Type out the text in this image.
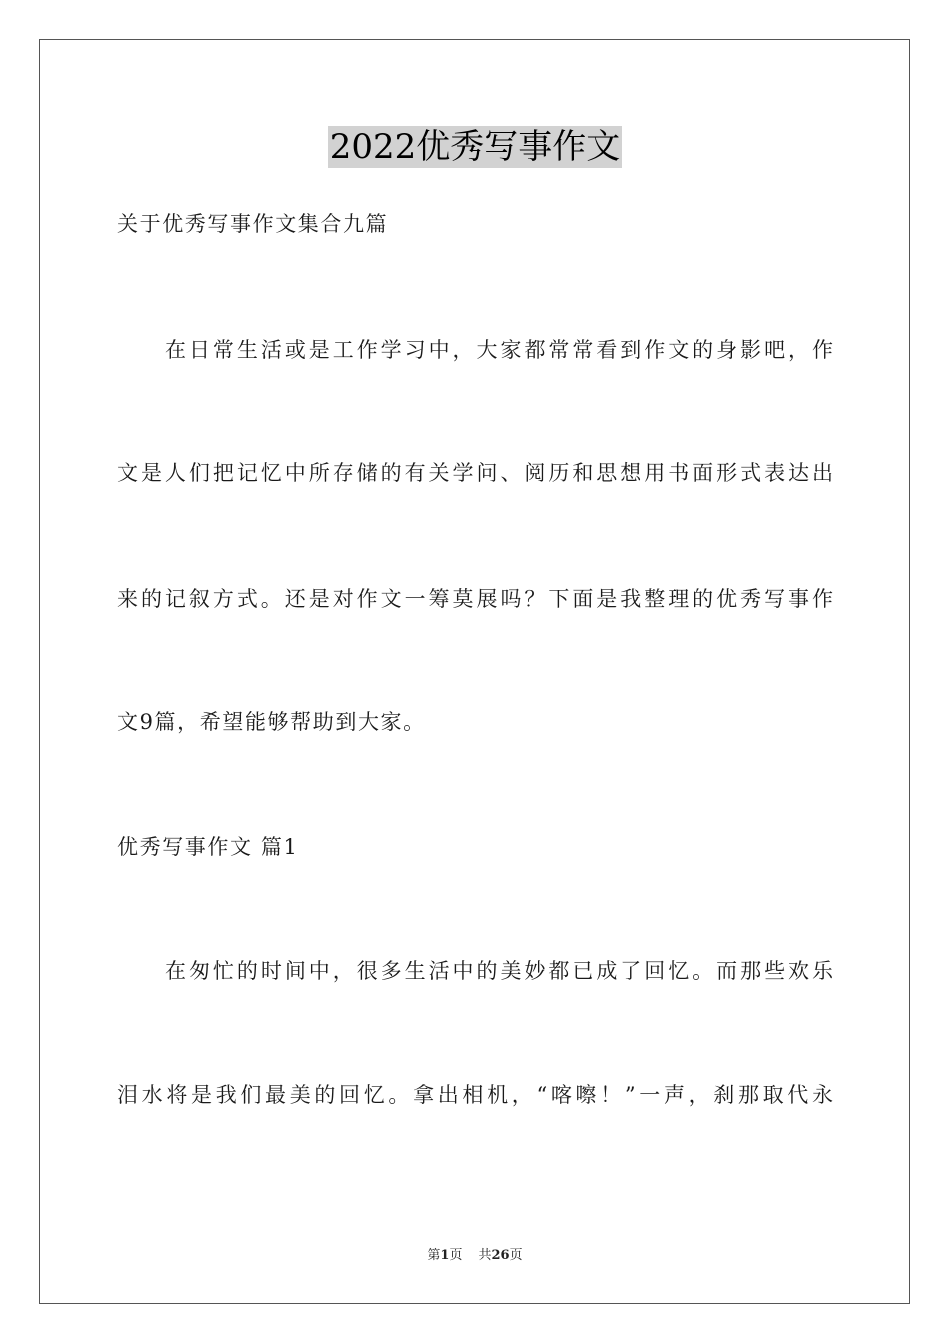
2022优秀写事作文
关于优秀写事作文集合九篇
在日常生活或是工作学习中，大家都常常看到作文的身影吧，作
文是人们把记忆中所存储的有关学问、阅历和思想用书面形式表达出
来的记叙方式。还是对作文一筹莫展吗？下面是我整理的优秀写事作
文9篇，希望能够帮助到大家。
优秀写事作文 篇1
在匆忙的时间中，很多生活中的美妙都已成了回忆。而那些欢乐
泪水将是我们最美的回忆。拿出相机，“喀嚓！”一声，刹那取代永
第1页 共26页
